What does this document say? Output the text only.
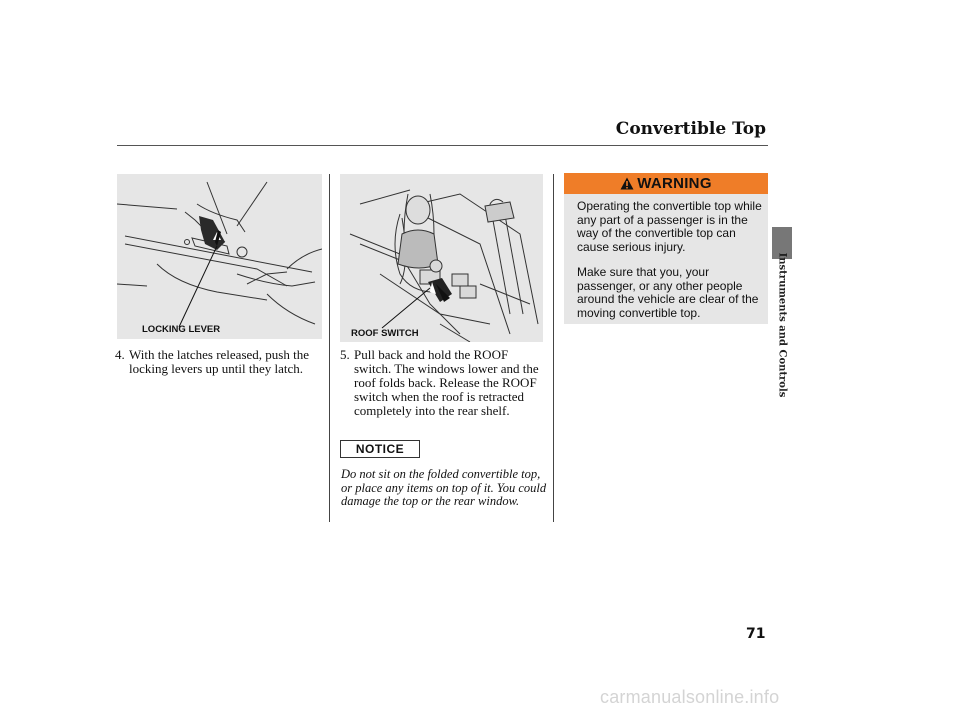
Convertible Top
LOCKING LEVER	ROOF SWITCH
4. With the latches released, push the locking levers up until they latch.
5. Pull back and hold the ROOF switch. The windows lower and the roof folds back. Release the ROOF switch when the roof is retracted completely into the rear shelf.
NOTICE
Do not sit on the folded convertible top, or place any items on top of it. You could damage the top or the rear window.
WARNING
Operating the convertible top while any part of a passenger is in the way of the convertible top can cause serious injury.
Make sure that you, your passenger, or any other people around the vehicle are clear of the moving convertible top.	Instruments and Controls
71
carmanualsonline.info
